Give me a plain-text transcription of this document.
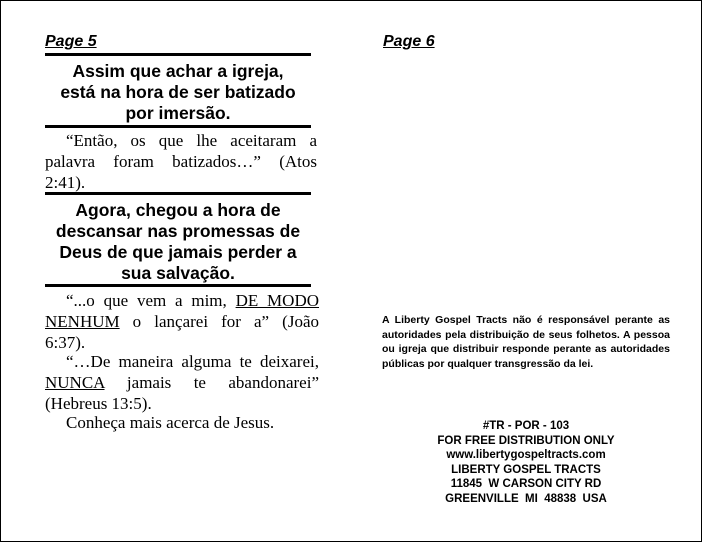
Page 5
Assim que achar a igreja,
está na hora de ser batizado
por imersão.
“Então, os que lhe aceitaram a palavra foram batizados…” (Atos 2:41).
Agora, chegou a hora de
descansar nas promessas de
Deus de que jamais perder a
sua salvação.
“...o que vem a mim, DE MODO NENHUM o lançarei for a” (João 6:37).
“…De maneira alguma te deixarei, NUNCA jamais te abandonarei” (Hebreus 13:5).
Conheça mais acerca de Jesus.
Page 6
A Liberty Gospel Tracts não é responsável perante as autoridades pela distribuição de seus folhetos. A pessoa ou igreja que distribuir responde perante as autoridades públicas por qualquer transgressão da lei.
#TR - POR - 103
FOR FREE DISTRIBUTION ONLY
www.libertygospeltracts.com
LIBERTY GOSPEL TRACTS
11845  W CARSON CITY RD
GREENVILLE  MI  48838  USA
